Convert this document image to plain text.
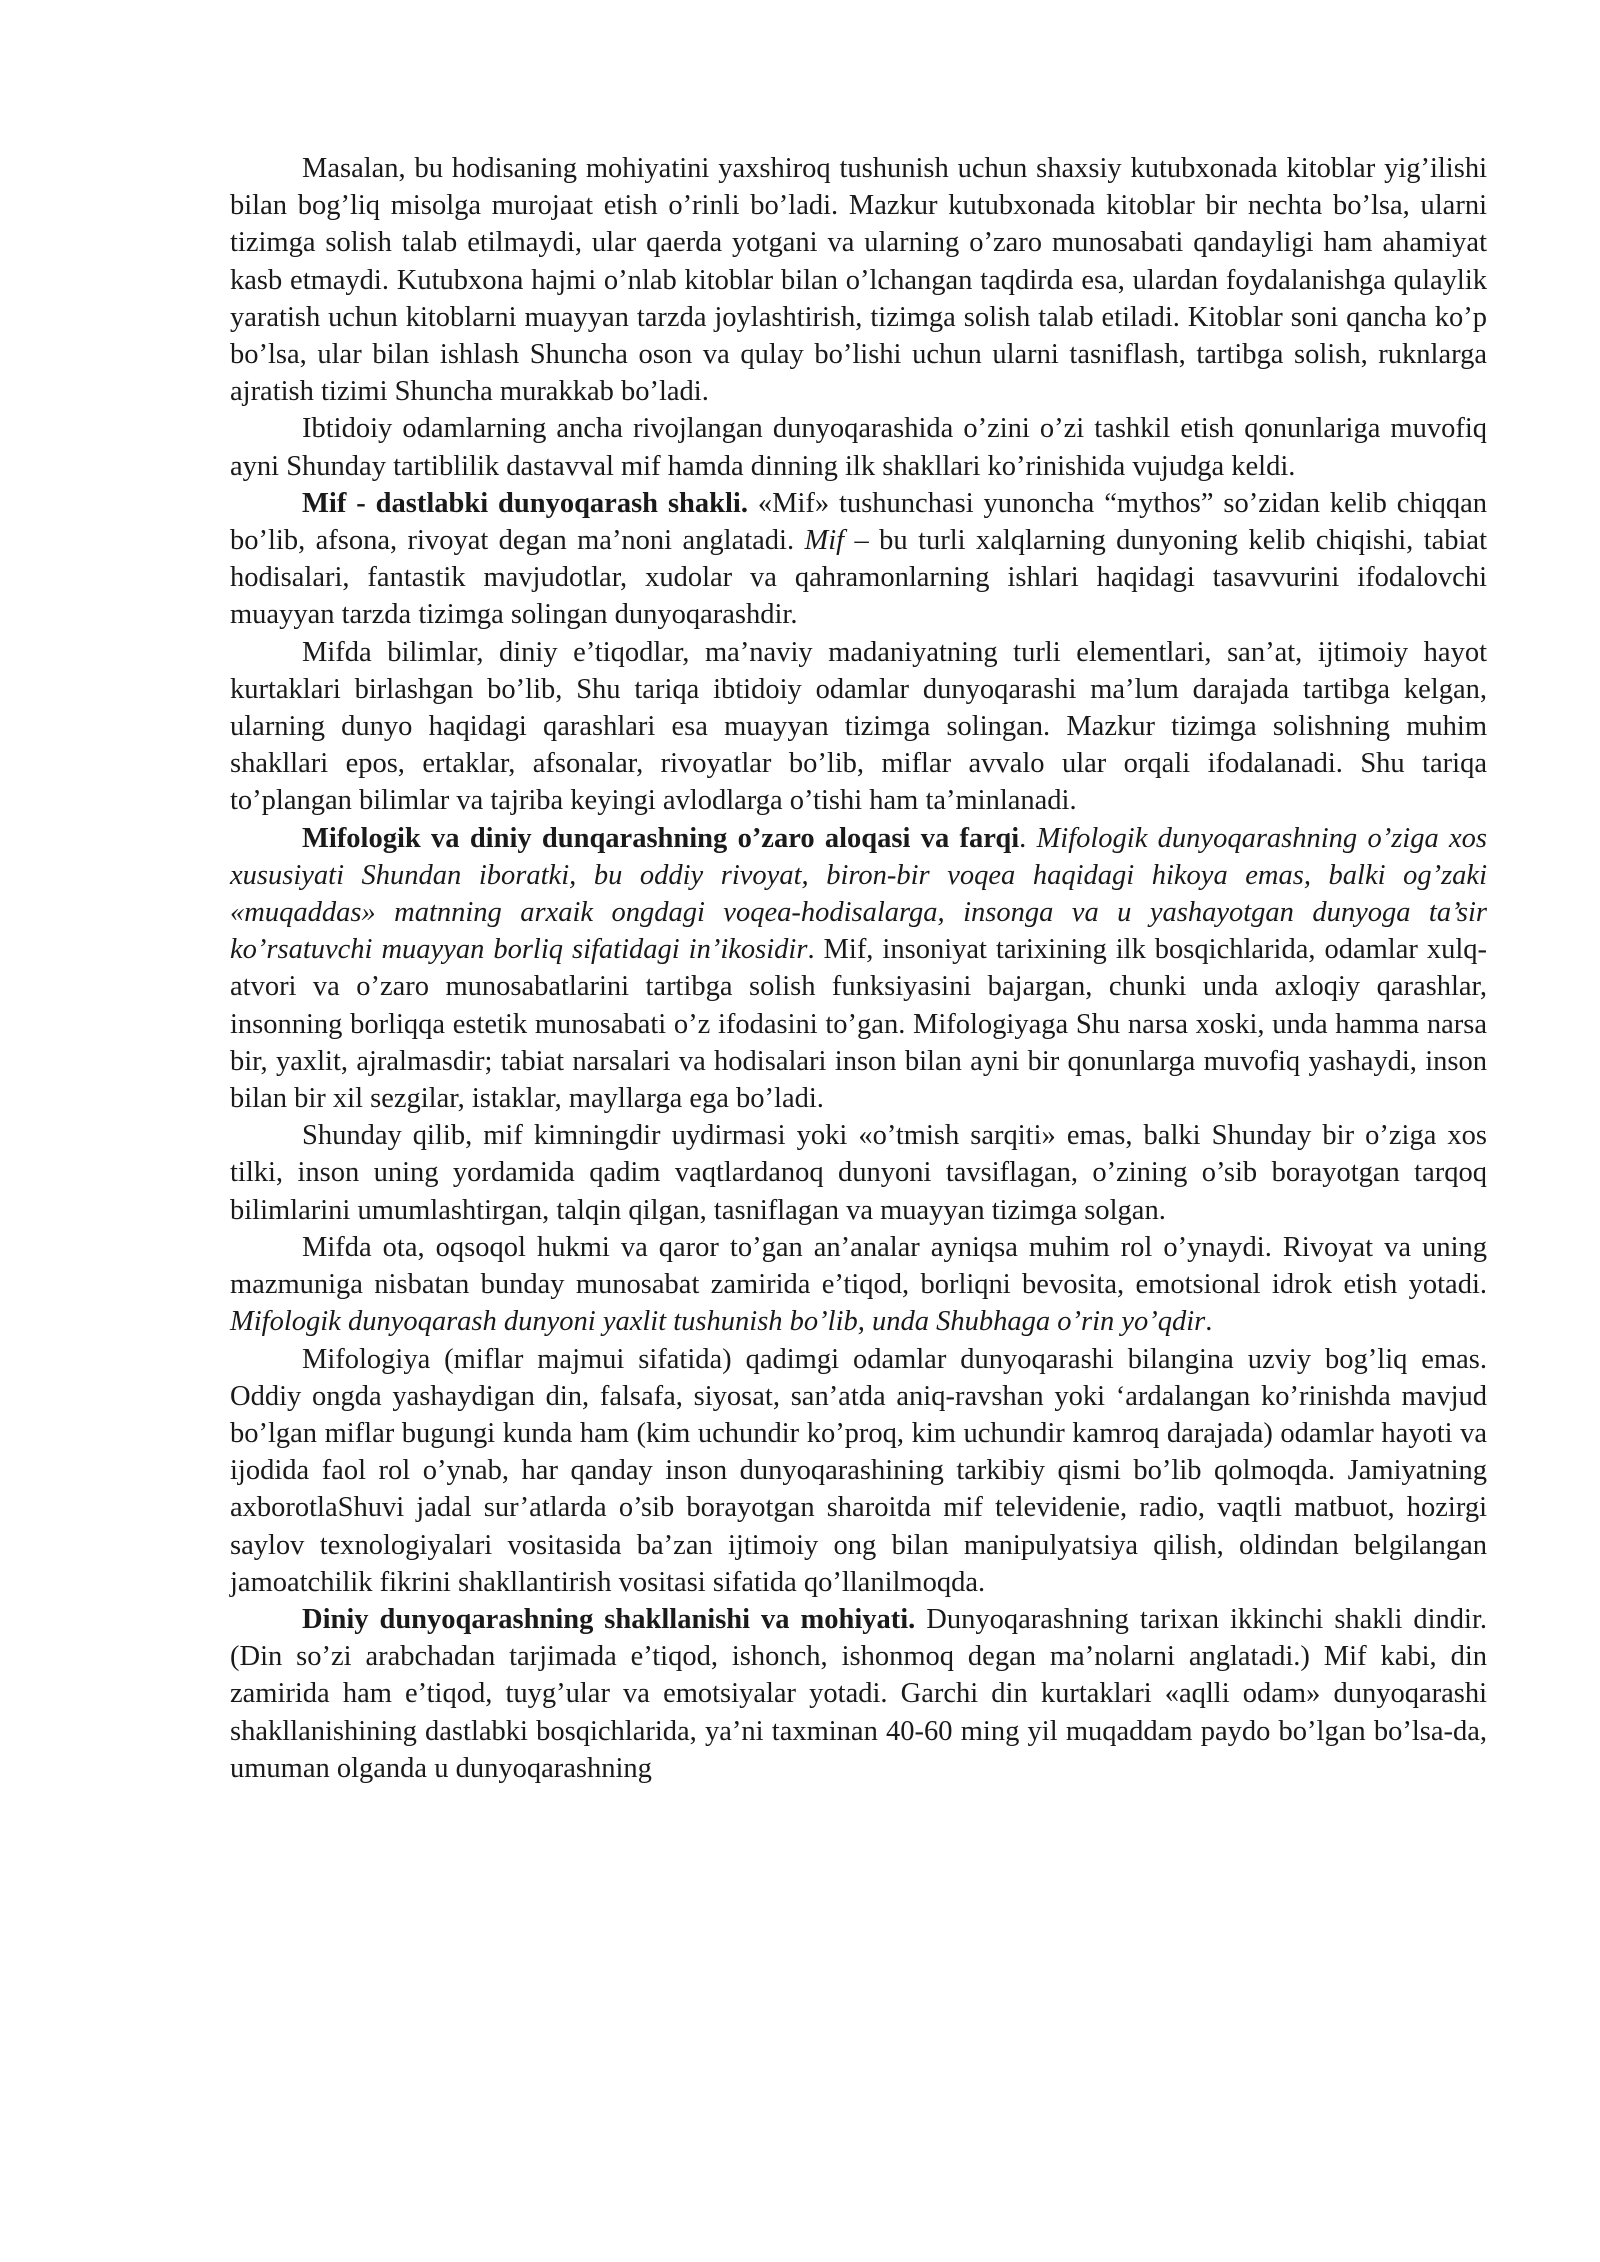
Masalan, bu hodisaning mohiyatini yaxshiroq tushunish uchun shaxsiy kutubxonada kitoblar yig’ilishi bilan bog’liq misolga murojaat etish o’rinli bo’ladi. Mazkur kutubxonada kitoblar bir nechta bo’lsa, ularni tizimga solish talab etilmaydi, ular qaerda yotgani va ularning o’zaro munosabati qandayligi ham ahamiyat kasb etmaydi. Kutubxona hajmi o’nlab kitoblar bilan o’lchangan taqdirda esa, ulardan foydalanishga qulaylik yaratish uchun kitoblarni muayyan tarzda joylashtirish, tizimga solish talab etiladi. Kitoblar soni qancha ko’p bo’lsa, ular bilan ishlash Shuncha oson va qulay bo’lishi uchun ularni tasniflash, tartibga solish, ruknlarga ajratish tizimi Shuncha murakkab bo’ladi.

Ibtidoiy odamlarning ancha rivojlangan dunyoqarashida o’zini o’zi tashkil etish qonunlariga muvofiq ayni Shunday tartiblilik dastavval mif hamda dinning ilk shakllari ko’rinishida vujudga keldi.

Mif - dastlabki dunyoqarash shakli. «Mif» tushunchasi yunoncha “mythos” so’zidan kelib chiqqan bo’lib, afsona, rivoyat degan ma’noni anglatadi. Mif – bu turli xalqlarning dunyoning kelib chiqishi, tabiat hodisalari, fantastik mavjudotlar, xudolar va qahramonlarning ishlari haqidagi tasavvurini ifodalovchi muayyan tarzda tizimga solingan dunyoqarashdir.

Mifda bilimlar, diniy e’tiqodlar, ma’naviy madaniyatning turli elementlari, san’at, ijtimoiy hayot kurtaklari birlashgan bo’lib, Shu tariqa ibtidoiy odamlar dunyoqarashi ma’lum darajada tartibga kelgan, ularning dunyo haqidagi qarashlari esa muayyan tizimga solingan. Mazkur tizimga solishning muhim shakllari epos, ertaklar, afsonalar, rivoyatlar bo’lib, miflar avvalo ular orqali ifodalanadi. Shu tariqa to’plangan bilimlar va tajriba keyingi avlodlarga o’tishi ham ta’minlanadi.

Mifologik va diniy dunqarashning o’zaro aloqasi va farqi. Mifologik dunyoqarashning o’ziga xos xususiyati Shundan iboratki, bu oddiy rivoyat, biron-bir voqea haqidagi hikoya emas, balki og’zaki «muqaddas» matnning arxaik ongdagi voqea-hodisalarga, insonga va u yashayotgan dunyoga ta’sir ko’rsatuvchi muayyan borliq sifatidagi in’ikosidir. Mif, insoniyat tarixining ilk bosqichlarida, odamlar xulq-atvori va o’zaro munosabatlarini tartibga solish funksiyasini bajargan, chunki unda axloqiy qarashlar, insonning borliqqa estetik munosabati o’z ifodasini to’gan. Mifologiyaga Shu narsa xoski, unda hamma narsa bir, yaxlit, ajralmasdir; tabiat narsalari va hodisalari inson bilan ayni bir qonunlarga muvofiq yashaydi, inson bilan bir xil sezgilar, istaklar, mayllarga ega bo’ladi.

Shunday qilib, mif kimningdir uydirmasi yoki «o’tmish sarqiti» emas, balki Shunday bir o’ziga xos tilki, inson uning yordamida qadim vaqtlardanoq dunyoni tavsiflagan, o’zining o’sib borayotgan tarqoq bilimlarini umumlashtirgan, talqin qilgan, tasniflagan va muayyan tizimga solgan.

Mifda ota, oqsoqol hukmi va qaror to’gan an’analar ayniqsa muhim rol o’ynaydi. Rivoyat va uning mazmuniga nisbatan bunday munosabat zamirida e’tiqod, borliqni bevosita, emotsional idrok etish yotadi. Mifologik dunyoqarash dunyoni yaxlit tushunish bo’lib, unda Shubhaga o’rin yo’qdir.

Mifologiya (miflar majmui sifatida) qadimgi odamlar dunyoqarashi bilangina uzviy bog’liq emas. Oddiy ongda yashaydigan din, falsafa, siyosat, san’atda aniq-ravshan yoki ‘ardalangan ko’rinishda mavjud bo’lgan miflar bugungi kunda ham (kim uchundir ko’proq, kim uchundir kamroq darajada) odamlar hayoti va ijodida faol rol o’ynab, har qanday inson dunyoqarashining tarkibiy qismi bo’lib qolmoqda. Jamiyatning axborotlaShuvi jadal sur’atlarda o’sib borayotgan sharoitda mif televidenie, radio, vaqtli matbuot, hozirgi saylov texnologiyalari vositasida ba’zan ijtimoiy ong bilan manipulyatsiya qilish, oldindan belgilangan jamoatchilik fikrini shakllantirish vositasi sifatida qo’llanilmoqda.

Diniy dunyoqarashning shakllanishi va mohiyati. Dunyoqarashning tarixan ikkinchi shakli dindir. (Din so’zi arabchadan tarjimada e’tiqod, ishonch, ishonmoq degan ma’nolarni anglatadi.) Mif kabi, din zamirida ham e’tiqod, tuyg’ular va emotsiyalar yotadi. Garchi din kurtaklari «aqlli odam» dunyoqarashi shakllanishining dastlabki bosqichlarida, ya’ni taxminan 40-60 ming yil muqaddam paydo bo’lgan bo’lsa-da, umuman olganda u dunyoqarashning
